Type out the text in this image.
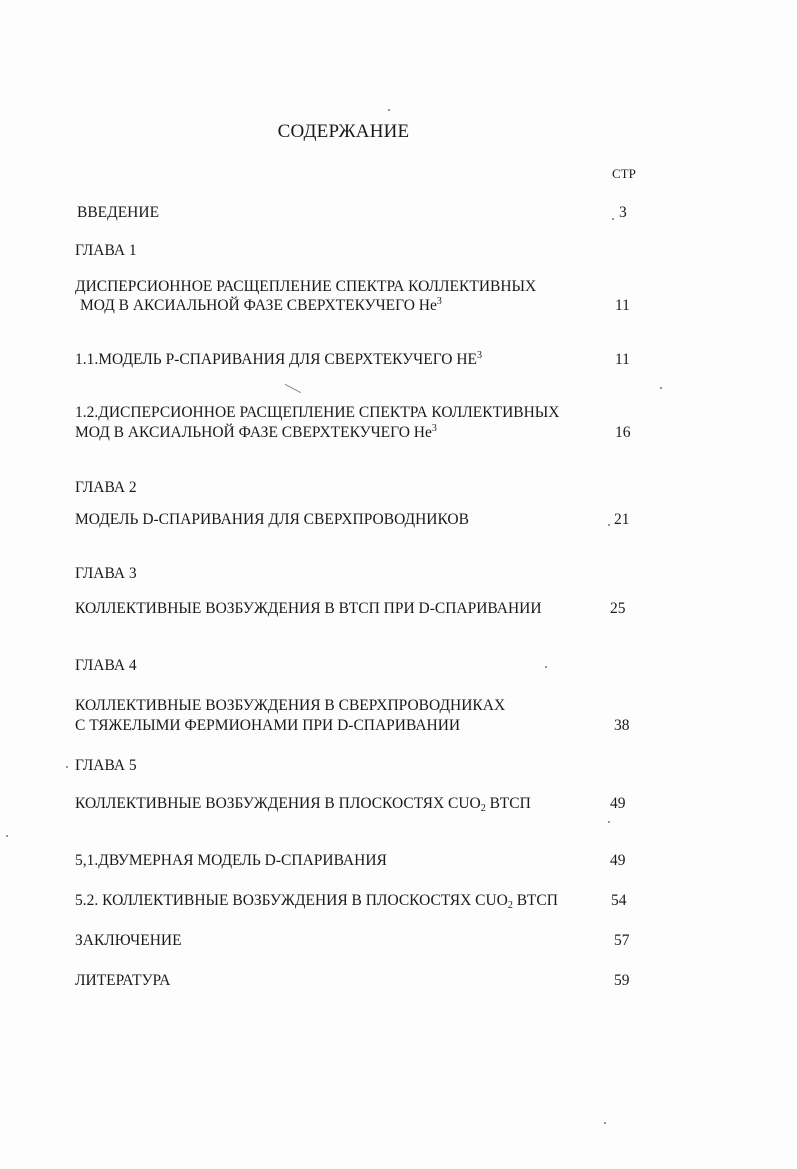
СОДЕРЖАНИЕ
СТР
ВВЕДЕНИЕ	3
ГЛАВА 1
ДИСПЕРСИОННОЕ РАСЩЕПЛЕНИЕ СПЕКТРА КОЛЛЕКТИВНЫХ
МОД В АКСИАЛЬНОЙ ФАЗЕ СВЕРХТЕКУЧЕГО He$^3$	11
1.1.МОДЕЛЬ Р-СПАРИВАНИЯ ДЛЯ СВЕРХТЕКУЧЕГО $НЕ^3$	11
1.2.ДИСПЕРСИОННОЕ РАСЩЕПЛЕНИЕ СПЕКТРА КОЛЛЕКТИВНЫХ
МОД В АКСИАЛЬНОЙ ФАЗЕ СВЕРХТЕКУЧЕГО He$^3$	16
ГЛАВА 2
МОДЕЛЬ D-СПАРИВАНИЯ ДЛЯ СВЕРХПРОВОДНИКОВ	21
ГЛАВА 3
КОЛЛЕКТИВНЫЕ ВОЗБУЖДЕНИЯ В ВТСП ПРИ D-СПАРИВАНИИ	25
ГЛАВА 4
КОЛЛЕКТИВНЫЕ ВОЗБУЖДЕНИЯ В СВЕРХПРОВОДНИКАХ
С ТЯЖЕЛЫМИ ФЕРМИОНАМИ ПРИ D-СПАРИВАНИИ	38
ГЛАВА 5
КОЛЛЕКТИВНЫЕ ВОЗБУЖДЕНИЯ В ПЛОСКОСТЯХ $CUO_2$ ВТСП	49
5,1.ДВУМЕРНАЯ МОДЕЛЬ D-СПАРИВАНИЯ	49
5.2. КОЛЛЕКТИВНЫЕ ВОЗБУЖДЕНИЯ В ПЛОСКОСТЯХ $CUO_2$ ВТСП	54
ЗАКЛЮЧЕНИЕ	57
ЛИТЕРАТУРА	59
